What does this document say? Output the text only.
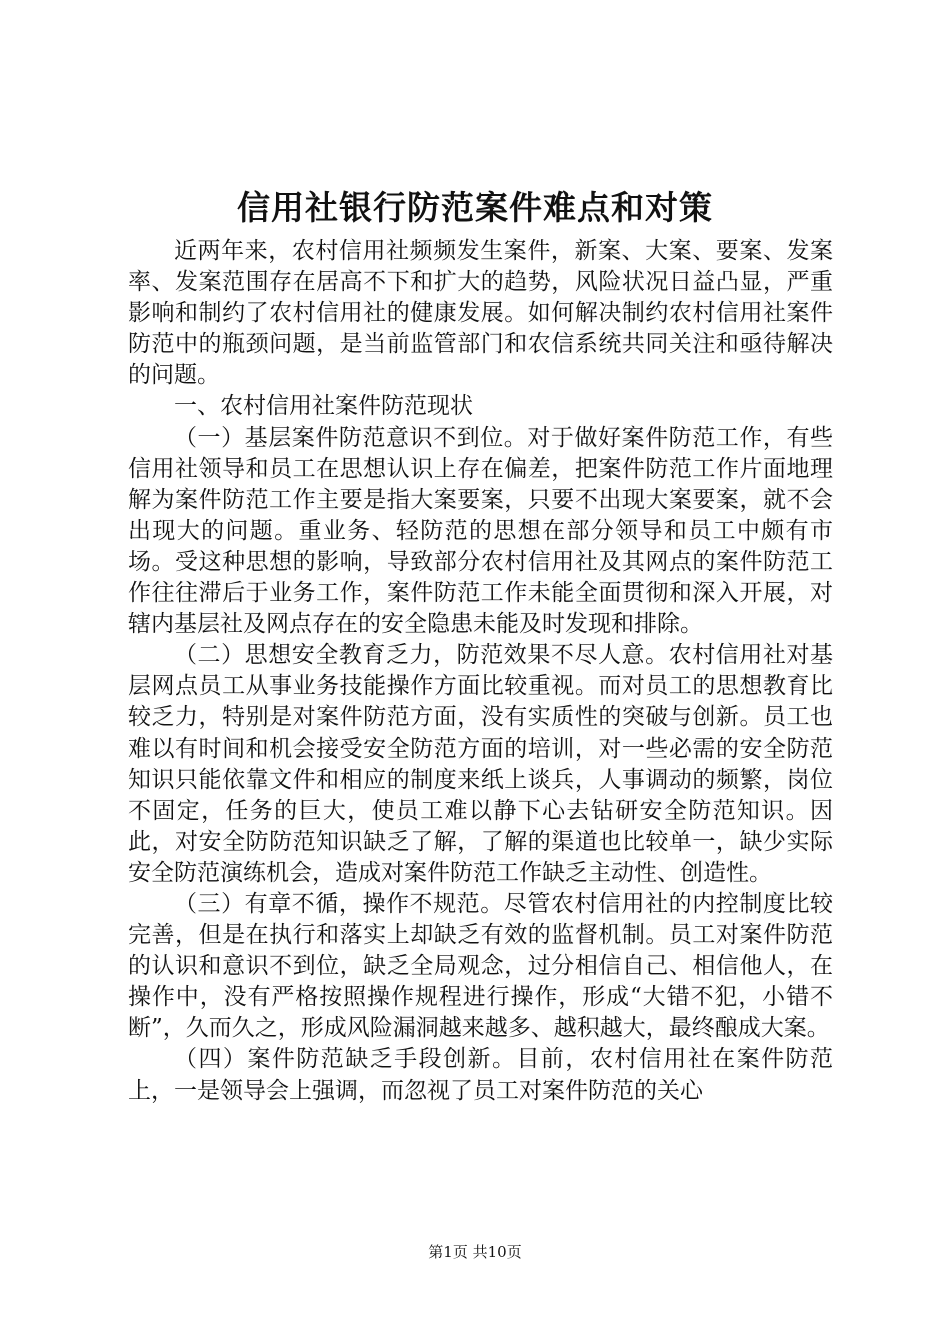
信用社银行防范案件难点和对策

近两年来，农村信用社频频发生案件，新案、大案、要案、发案率、发案范围存在居高不下和扩大的趋势，风险状况日益凸显，严重影响和制约了农村信用社的健康发展。如何解决制约农村信用社案件防范中的瓶颈问题，是当前监管部门和农信系统共同关注和亟待解决的问题。

一、农村信用社案件防范现状

（一）基层案件防范意识不到位。对于做好案件防范工作，有些信用社领导和员工在思想认识上存在偏差，把案件防范工作片面地理解为案件防范工作主要是指大案要案，只要不出现大案要案，就不会出现大的问题。重业务、轻防范的思想在部分领导和员工中颇有市场。受这种思想的影响，导致部分农村信用社及其网点的案件防范工作往往滞后于业务工作，案件防范工作未能全面贯彻和深入开展，对辖内基层社及网点存在的安全隐患未能及时发现和排除。

（二）思想安全教育乏力，防范效果不尽人意。农村信用社对基层网点员工从事业务技能操作方面比较重视。而对员工的思想教育比较乏力，特别是对案件防范方面，没有实质性的突破与创新。员工也难以有时间和机会接受安全防范方面的培训，对一些必需的安全防范知识只能依靠文件和相应的制度来纸上谈兵，人事调动的频繁，岗位不固定，任务的巨大，使员工难以静下心去钻研安全防范知识。因此，对安全防防范知识缺乏了解，了解的渠道也比较单一，缺少实际安全防范演练机会，造成对案件防范工作缺乏主动性、创造性。

（三）有章不循，操作不规范。尽管农村信用社的内控制度比较完善，但是在执行和落实上却缺乏有效的监督机制。员工对案件防范的认识和意识不到位，缺乏全局观念，过分相信自己、相信他人，在操作中，没有严格按照操作规程进行操作，形成“大错不犯，小错不断”，久而久之，形成风险漏洞越来越多、越积越大，最终酿成大案。

（四）案件防范缺乏手段创新。目前，农村信用社在案件防范上，一是领导会上强调，而忽视了员工对案件防范的关心

第1页 共10页
